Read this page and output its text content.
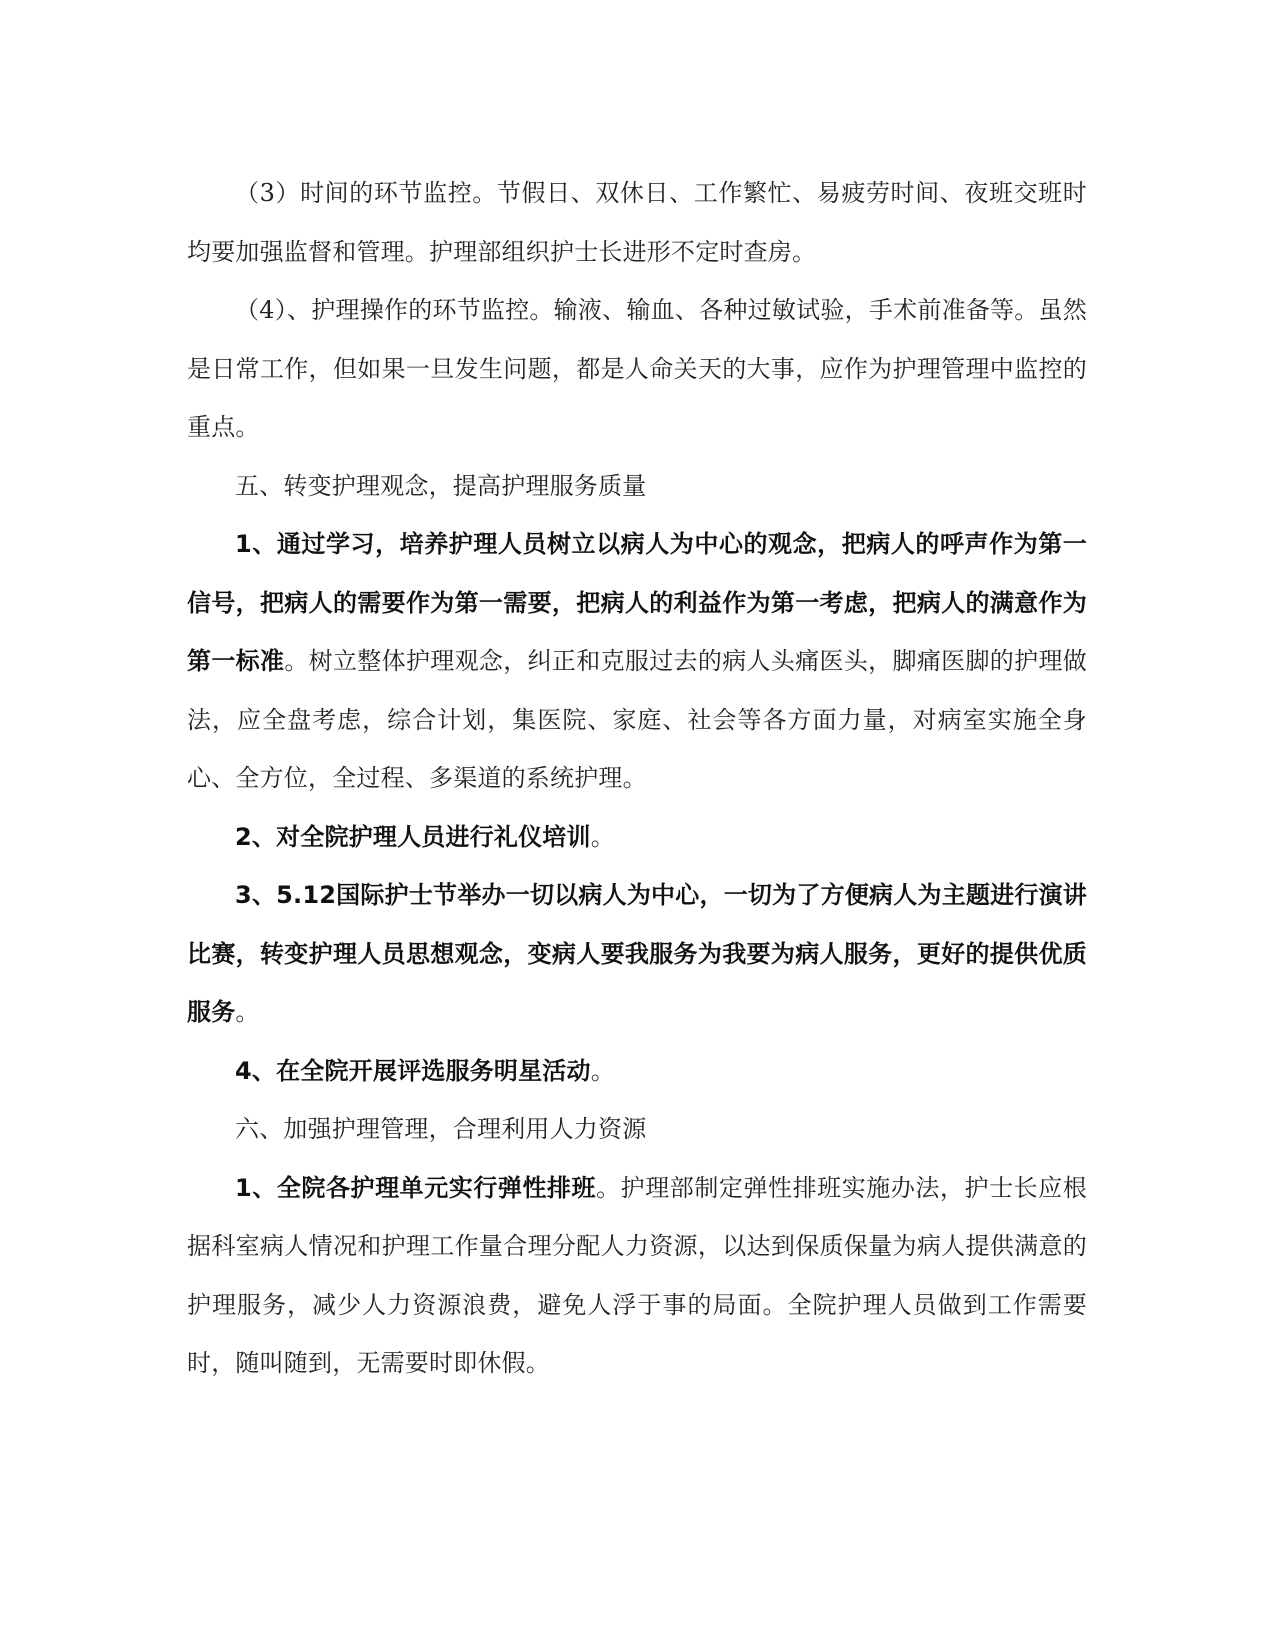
（3）时间的环节监控。节假日、双休日、工作繁忙、易疲劳时间、夜班交班时均要加强监督和管理。护理部组织护士长进形不定时查房。

（4）、护理操作的环节监控。输液、输血、各种过敏试验，手术前准备等。虽然是日常工作，但如果一旦发生问题，都是人命关天的大事，应作为护理管理中监控的重点。

五、转变护理观念，提高护理服务质量

1、通过学习，培养护理人员树立以病人为中心的观念，把病人的呼声作为第一信号，把病人的需要作为第一需要，把病人的利益作为第一考虑，把病人的满意作为第一标准。树立整体护理观念，纠正和克服过去的病人头痛医头，脚痛医脚的护理做法，应全盘考虑，综合计划，集医院、家庭、社会等各方面力量，对病室实施全身心、全方位，全过程、多渠道的系统护理。

2、对全院护理人员进行礼仪培训。

3、5.12国际护士节举办一切以病人为中心，一切为了方便病人为主题进行演讲比赛，转变护理人员思想观念，变病人要我服务为我要为病人服务，更好的提供优质服务。

4、在全院开展评选服务明星活动。

六、加强护理管理，合理利用人力资源

1、全院各护理单元实行弹性排班。护理部制定弹性排班实施办法，护士长应根据科室病人情况和护理工作量合理分配人力资源，以达到保质保量为病人提供满意的护理服务，减少人力资源浪费，避免人浮于事的局面。全院护理人员做到工作需要时，随叫随到，无需要时即休假。
